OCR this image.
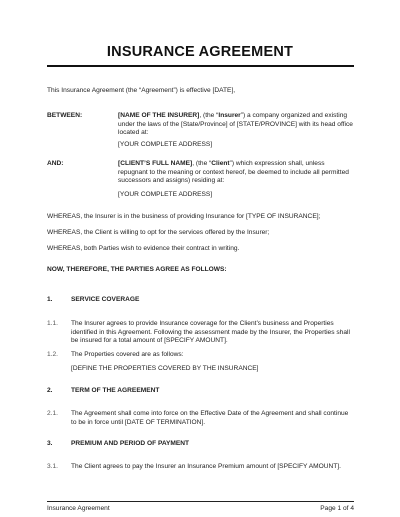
INSURANCE AGREEMENT
This Insurance Agreement (the “Agreement”) is effective [DATE],
BETWEEN:	[NAME OF THE INSURER], (the “Insurer”) a company organized and existing
under the laws of the [State/Province] of [STATE/PROVINCE] with its head office
located at:
[YOUR COMPLETE ADDRESS]
AND:	[CLIENT’S FULL NAME], (the “Client”) which expression shall, unless
repugnant to the meaning or context hereof, be deemed to include all permitted
successors and assigns) residing at:
[YOUR COMPLETE ADDRESS]
WHEREAS, the Insurer is in the business of providing Insurance for [TYPE OF INSURANCE];
WHEREAS, the Client is willing to opt for the services offered by the Insurer;
WHEREAS, both Parties wish to evidence their contract in writing.
NOW, THEREFORE, THE PARTIES AGREE AS FOLLOWS:
1.	SERVICE COVERAGE
1.1. The Insurer agrees to provide Insurance coverage for the Client’s business and Properties
identified in this Agreement. Following the assessment made by the Insurer, the Properties shall
be insured for a total amount of [SPECIFY AMOUNT].
1.2. The Properties covered are as follows:
[DEFINE THE PROPERTIES COVERED BY THE INSURANCE]
2.	TERM OF THE AGREEMENT
2.1. The Agreement shall come into force on the Effective Date of the Agreement and shall continue
to be in force until [DATE OF TERMINATION].
3.	PREMIUM AND PERIOD OF PAYMENT
3.1. The Client agrees to pay the Insurer an Insurance Premium amount of [SPECIFY AMOUNT].
Insurance Agreement	Page 1 of 4
